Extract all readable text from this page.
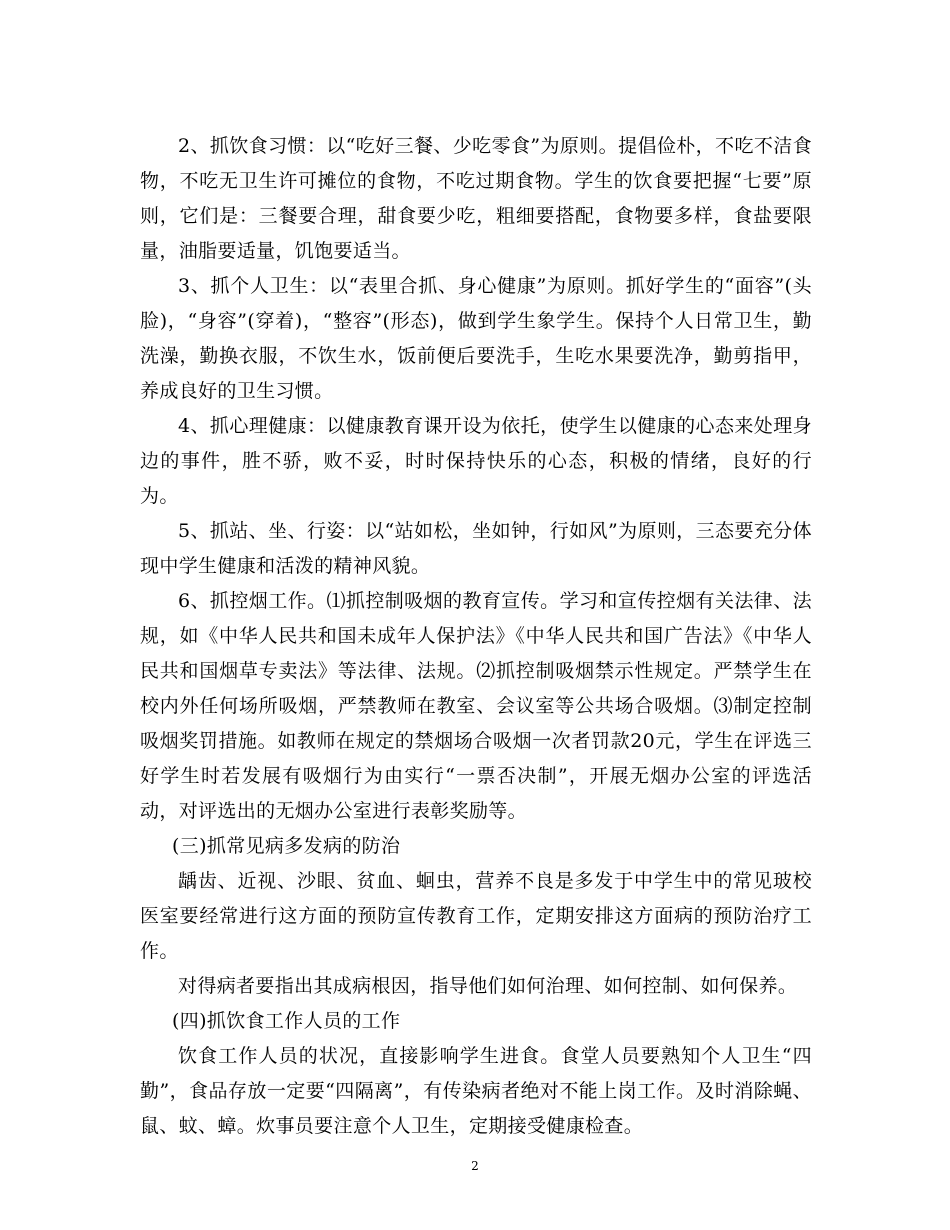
2、抓饮食习惯：以“吃好三餐、少吃零食”为原则。提倡俭朴，不吃不洁食物，不吃无卫生许可摊位的食物，不吃过期食物。学生的饮食要把握“七要”原则，它们是：三餐要合理，甜食要少吃，粗细要搭配，食物要多样，食盐要限量，油脂要适量，饥饱要适当。

3、抓个人卫生：以“表里合抓、身心健康”为原则。抓好学生的“面容”(头脸)，“身容”(穿着)，“整容”(形态)，做到学生象学生。保持个人日常卫生，勤洗澡，勤换衣服，不饮生水，饭前便后要洗手，生吃水果要洗净，勤剪指甲，养成良好的卫生习惯。

4、抓心理健康：以健康教育课开设为依托，使学生以健康的心态来处理身边的事件，胜不骄，败不妥，时时保持快乐的心态，积极的情绪，良好的行为。

5、抓站、坐、行姿：以“站如松，坐如钟，行如风”为原则，三态要充分体现中学生健康和活泼的精神风貌。

6、抓控烟工作。⑴抓控制吸烟的教育宣传。学习和宣传控烟有关法律、法规，如《中华人民共和国未成年人保护法》《中华人民共和国广告法》《中华人民共和国烟草专卖法》等法律、法规。⑵抓控制吸烟禁示性规定。严禁学生在校内外任何场所吸烟，严禁教师在教室、会议室等公共场合吸烟。⑶制定控制吸烟奖罚措施。如教师在规定的禁烟场合吸烟一次者罚款20元，学生在评选三好学生时若发展有吸烟行为由实行“一票否决制”，开展无烟办公室的评选活动，对评选出的无烟办公室进行表彰奖励等。

(三)抓常见病多发病的防治

龋齿、近视、沙眼、贫血、蛔虫，营养不良是多发于中学生中的常见玻校医室要经常进行这方面的预防宣传教育工作，定期安排这方面病的预防治疗工作。

对得病者要指出其成病根因，指导他们如何治理、如何控制、如何保养。

(四)抓饮食工作人员的工作

饮食工作人员的状况，直接影响学生进食。食堂人员要熟知个人卫生“四勤”，食品存放一定要“四隔离”，有传染病者绝对不能上岗工作。及时消除蝇、鼠、蚊、蟑。炊事员要注意个人卫生，定期接受健康检查。

2
